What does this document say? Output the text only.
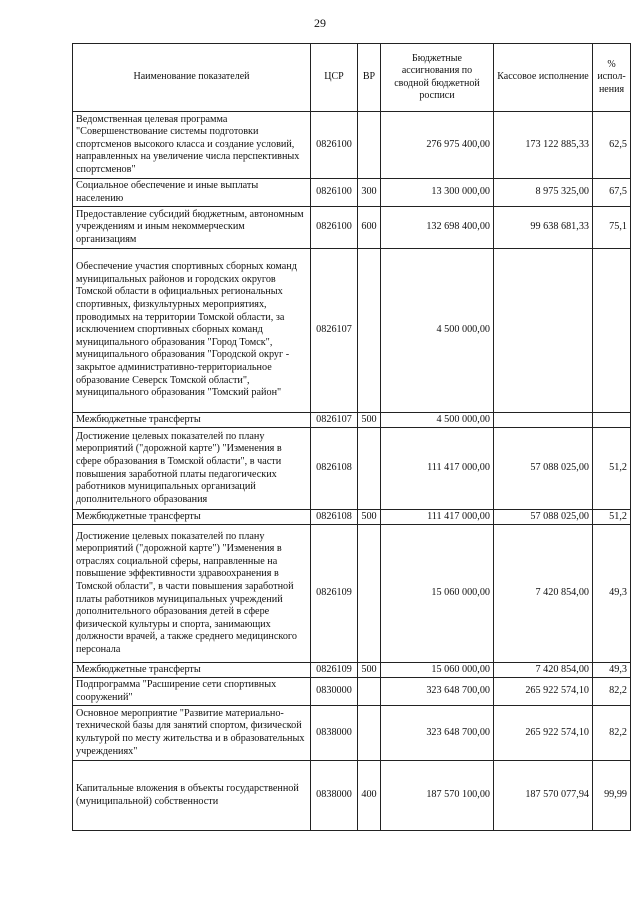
29
Наименование показателей	ЦСР	ВР	Бюджетные ассигнования по сводной бюджетной росписи	Кассовое исполнение	% испол-нения
Ведомственная целевая программа "Совершенствование системы подготовки спортсменов высокого класса и создание условий, направленных на увеличение числа перспективных спортсменов"	0826100		276 975 400,00	173 122 885,33	62,5
Социальное обеспечение и иные выплаты населению	0826100	300	13 300 000,00	8 975 325,00	67,5
Предоставление субсидий бюджетным, автономным учреждениям и иным некоммерческим организациям	0826100	600	132 698 400,00	99 638 681,33	75,1
Обеспечение участия спортивных сборных команд муниципальных районов и городских округов Томской области в официальных региональных спортивных, физкультурных мероприятиях, проводимых на территории Томской области, за исключением спортивных сборных команд муниципального образования "Город Томск", муниципального образования "Городской округ - закрытое административно-территориальное образование Северск Томской области", муниципального образования "Томский район"	0826107		4 500 000,00		
Межбюджетные трансферты	0826107	500	4 500 000,00		
Достижение целевых показателей по плану мероприятий ("дорожной карте") "Изменения в сфере образования в Томской области", в части повышения заработной платы педагогических работников муниципальных организаций дополнительного образования	0826108		111 417 000,00	57 088 025,00	51,2
Межбюджетные трансферты	0826108	500	111 417 000,00	57 088 025,00	51,2
Достижение целевых показателей по плану мероприятий ("дорожной карте") "Изменения в отраслях социальной сферы, направленные на повышение эффективности здравоохранения в Томской области", в части повышения заработной платы работников муниципальных учреждений дополнительного образования детей в сфере физической культуры и спорта, занимающих должности врачей, а также среднего медицинского персонала	0826109		15 060 000,00	7 420 854,00	49,3
Межбюджетные трансферты	0826109	500	15 060 000,00	7 420 854,00	49,3
Подпрограмма "Расширение сети спортивных сооружений"	0830000		323 648 700,00	265 922 574,10	82,2
Основное мероприятие "Развитие материально-технической базы для занятий спортом, физической культурой по месту жительства и в образовательных учреждениях"	0838000		323 648 700,00	265 922 574,10	82,2
Капитальные вложения в объекты государственной (муниципальной) собственности	0838000	400	187 570 100,00	187 570 077,94	99,99
